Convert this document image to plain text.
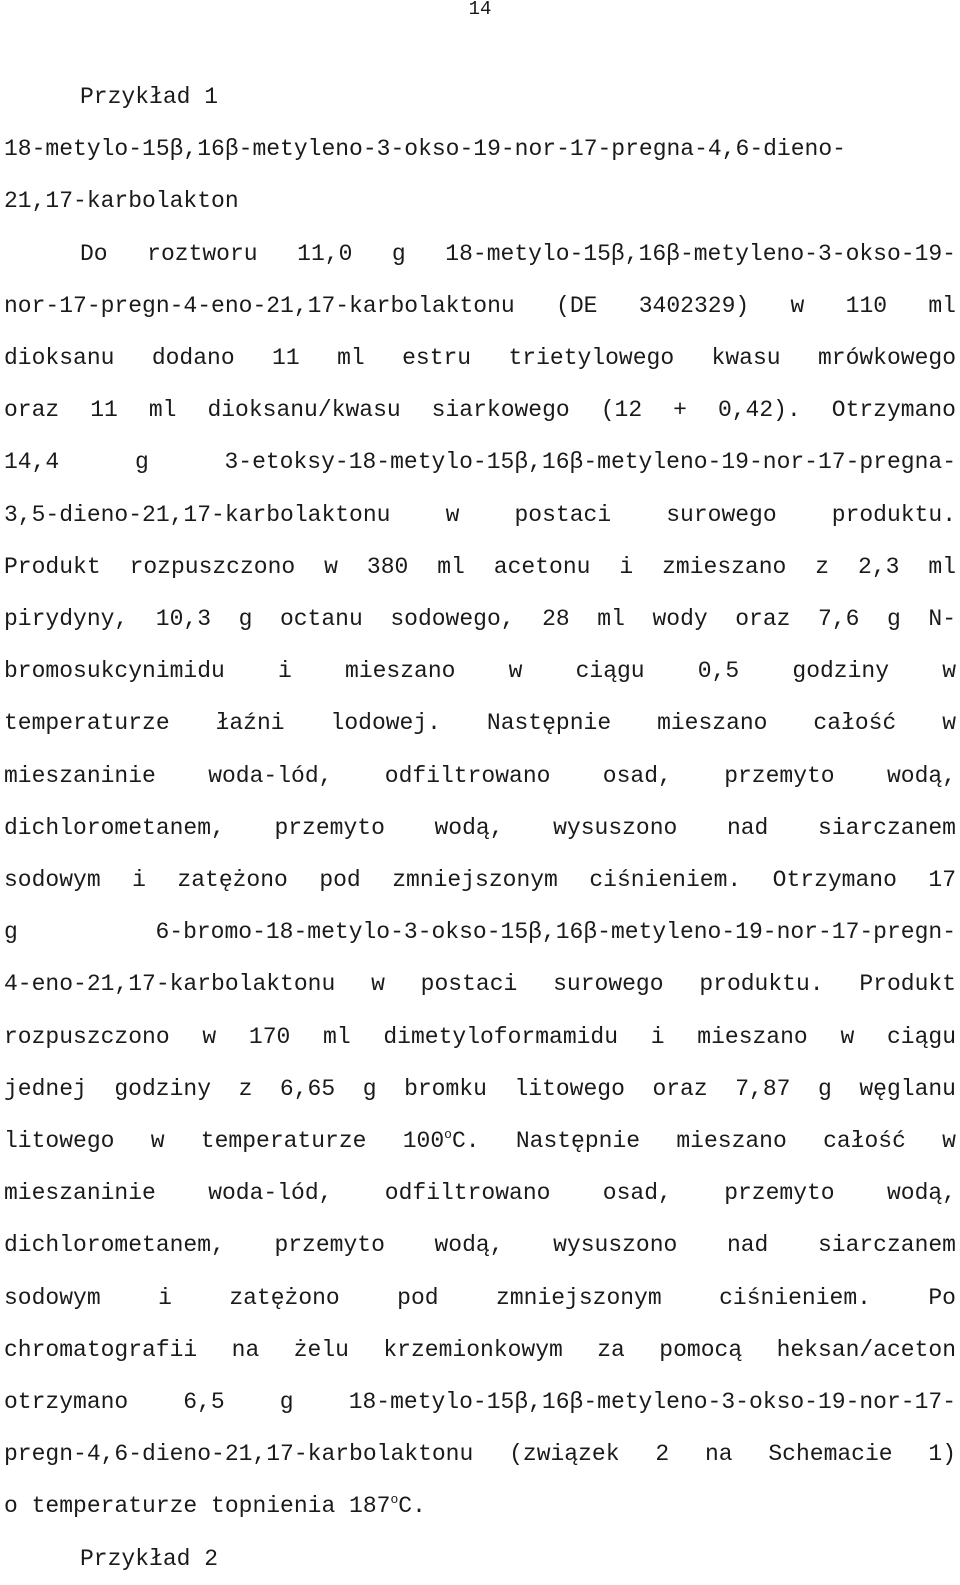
14

Przykład 1

18-metylo-15β,16β-metyleno-3-okso-19-nor-17-pregna-4,6-dieno-
21,17-karbolakton
Do roztworu 11,0 g 18-metylo-15β,16β-metyleno-3-okso-19-
nor-17-pregn-4-eno-21,17-karbolaktonu (DE 3402329) w 110 ml
dioksanu dodano 11 ml estru trietylowego kwasu mrówkowego
oraz 11 ml dioksanu/kwasu siarkowego (12 + 0,42). Otrzymano
14,4 g 3-etoksy-18-metylo-15β,16β-metyleno-19-nor-17-pregna-
3,5-dieno-21,17-karbolaktonu w postaci surowego produktu.
Produkt rozpuszczono w 380 ml acetonu i zmieszano z 2,3 ml
pirydyny, 10,3 g octanu sodowego, 28 ml wody oraz 7,6 g N-
bromosukcynimidu i mieszano w ciągu 0,5 godziny w
temperaturze łaźni lodowej. Następnie mieszano całość w
mieszaninie woda-lód, odfiltrowano osad, przemyto wodą,
dichlorometanem, przemyto wodą, wysuszono nad siarczanem
sodowym i zatężono pod zmniejszonym ciśnieniem. Otrzymano 17
g 6-bromo-18-metylo-3-okso-15β,16β-metyleno-19-nor-17-pregn-
4-eno-21,17-karbolaktonu w postaci surowego produktu. Produkt
rozpuszczono w 170 ml dimetyloformamidu i mieszano w ciągu
jednej godziny z 6,65 g bromku litowego oraz 7,87 g węglanu
litowego w temperaturze 100$^o$C. Następnie mieszano całość w
mieszaninie woda-lód, odfiltrowano osad, przemyto wodą,
dichlorometanem, przemyto wodą, wysuszono nad siarczanem
sodowym i zatężono pod zmniejszonym ciśnieniem. Po
chromatografii na żelu krzemionkowym za pomocą heksan/aceton
otrzymano 6,5 g 18-metylo-15β,16β-metyleno-3-okso-19-nor-17-
pregn-4,6-dieno-21,17-karbolaktonu (związek 2 na Schemacie 1)
o temperaturze topnienia 187$^o$C.

Przykład 2
